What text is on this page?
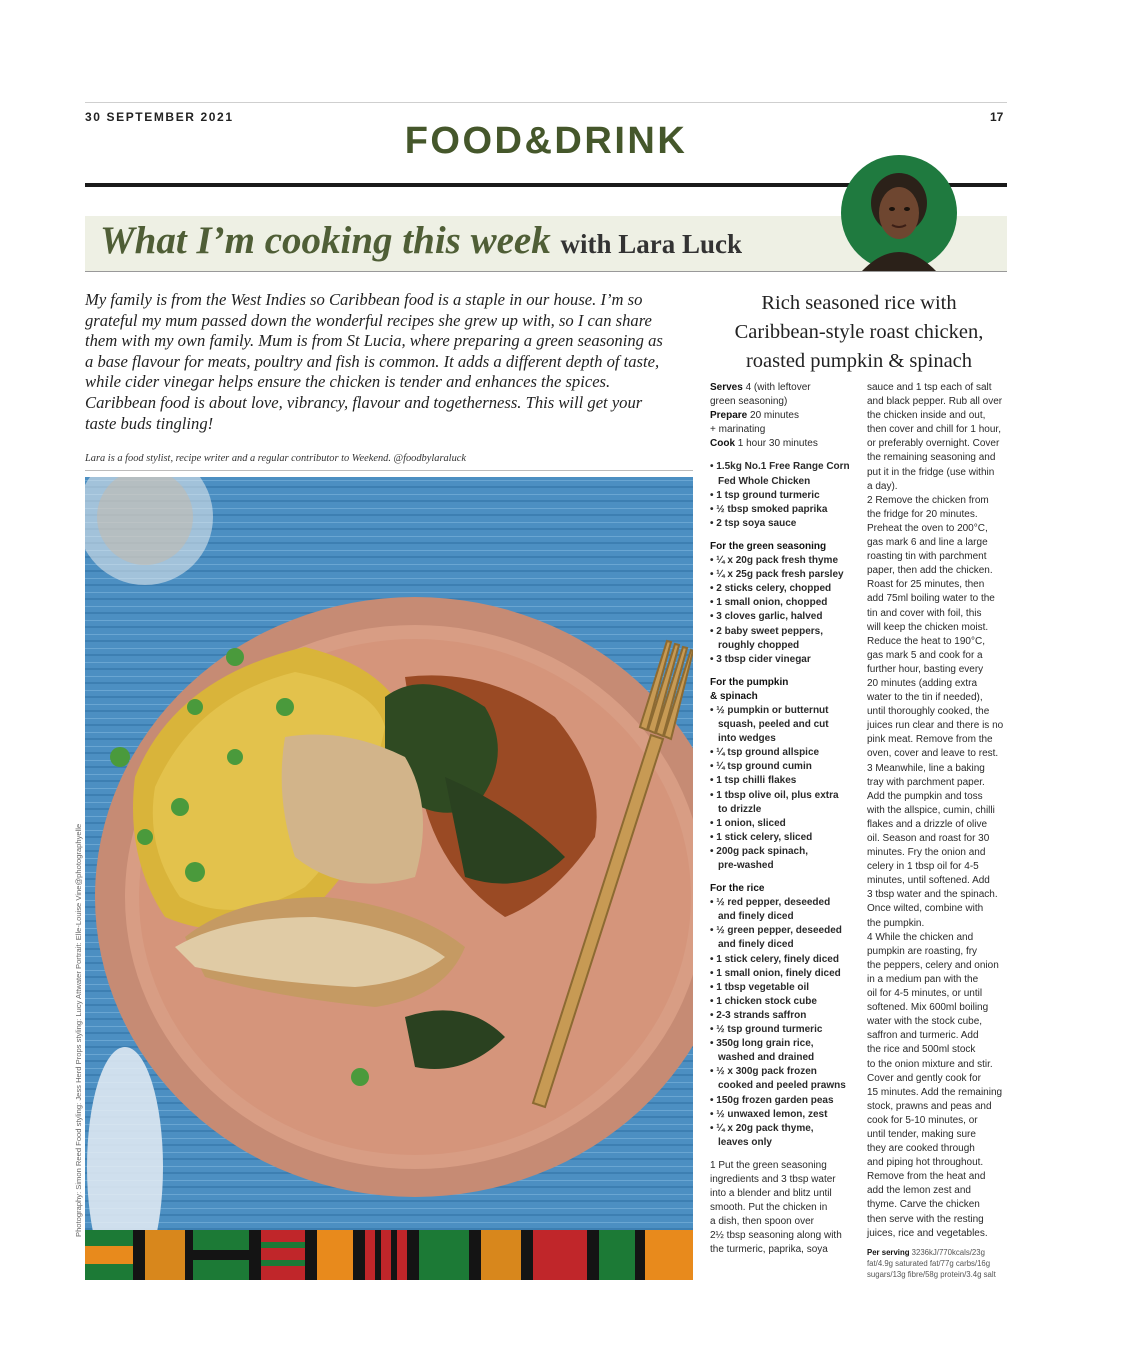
30 SEPTEMBER 2021	17
FOOD&DRINK
What I’m cooking this week with Lara Luck
My family is from the West Indies so Caribbean food is a staple in our house. I’m so grateful my mum passed down the wonderful recipes she grew up with, so I can share them with my own family. Mum is from St Lucia, where preparing a green seasoning as a base flavour for meats, poultry and fish is common. It adds a different depth of taste, while cider vinegar helps ensure the chicken is tender and enhances the spices. Caribbean food is about love, vibrancy, flavour and togetherness. This will get your taste buds tingling!
Lara is a food stylist, recipe writer and a regular contributor to Weekend. @foodbylaraluck
Photography: Simon Reed Food styling: Jess Herd Props styling: Lucy Attwater Portrait: Elle-Louise Vine@photographyelle
Rich seasoned rice with
Caribbean-style roast chicken,
roasted pumpkin & spinach

Serves 4 (with leftover

green seasoning)

Prepare 20 minutes

+ marinating

Cook 1 hour 30 minutes

• 1.5kg No.1 Free Range Corn

Fed Whole Chicken

• 1 tsp ground turmeric

• ½ tbsp smoked paprika

• 2 tsp soya sauce

For the green seasoning

• ¼ x 20g pack fresh thyme

• ¼ x 25g pack fresh parsley

• 2 sticks celery, chopped

• 1 small onion, chopped

• 3 cloves garlic, halved

• 2 baby sweet peppers,

roughly chopped

• 3 tbsp cider vinegar

For the pumpkin

& spinach

• ½ pumpkin or butternut

squash, peeled and cut

into wedges

• ¼ tsp ground allspice

• ¼ tsp ground cumin

• 1 tsp chilli flakes

• 1 tbsp olive oil, plus extra

to drizzle

• 1 onion, sliced

• 1 stick celery, sliced

• 200g pack spinach,

pre-washed

For the rice

• ½ red pepper, deseeded

and finely diced

• ½ green pepper, deseeded

and finely diced

• 1 stick celery, finely diced

• 1 small onion, finely diced

• 1 tbsp vegetable oil

• 1 chicken stock cube

• 2-3 strands saffron

• ½ tsp ground turmeric

• 350g long grain rice,

washed and drained

• ½ x 300g pack frozen

cooked and peeled prawns

• 150g frozen garden peas

• ½ unwaxed lemon, zest

• ¼ x 20g pack thyme,

leaves only

1 Put the green seasoning

ingredients and 3 tbsp water

into a blender and blitz until

smooth. Put the chicken in

a dish, then spoon over

2½ tbsp seasoning along with

the turmeric, paprika, soya

sauce and 1 tsp each of salt

and black pepper. Rub all over

the chicken inside and out,

then cover and chill for 1 hour,

or preferably overnight. Cover

the remaining seasoning and

put it in the fridge (use within

a day).

2 Remove the chicken from

the fridge for 20 minutes.

Preheat the oven to 200°C,

gas mark 6 and line a large

roasting tin with parchment

paper, then add the chicken.

Roast for 25 minutes, then

add 75ml boiling water to the

tin and cover with foil, this

will keep the chicken moist.

Reduce the heat to 190°C,

gas mark 5 and cook for a

further hour, basting every

20 minutes (adding extra

water to the tin if needed),

until thoroughly cooked, the

juices run clear and there is no

pink meat. Remove from the

oven, cover and leave to rest.

3 Meanwhile, line a baking

tray with parchment paper.

Add the pumpkin and toss

with the allspice, cumin, chilli

flakes and a drizzle of olive

oil. Season and roast for 30

minutes. Fry the onion and

celery in 1 tbsp oil for 4-5

minutes, until softened. Add

3 tbsp water and the spinach.

Once wilted, combine with

the pumpkin.

4 While the chicken and

pumpkin are roasting, fry

the peppers, celery and onion

in a medium pan with the

oil for 4-5 minutes, or until

softened. Mix 600ml boiling

water with the stock cube,

saffron and turmeric. Add

the rice and 500ml stock

to the onion mixture and stir.

Cover and gently cook for

15 minutes. Add the remaining

stock, prawns and peas and

cook for 5-10 minutes, or

until tender, making sure

they are cooked through

and piping hot throughout.

Remove from the heat and

add the lemon zest and

thyme. Carve the chicken

then serve with the resting

juices, rice and vegetables.

Per serving 3236kJ/770kcals/23g
fat/4.9g saturated fat/77g carbs/16g
sugars/13g fibre/58g protein/3.4g salt
